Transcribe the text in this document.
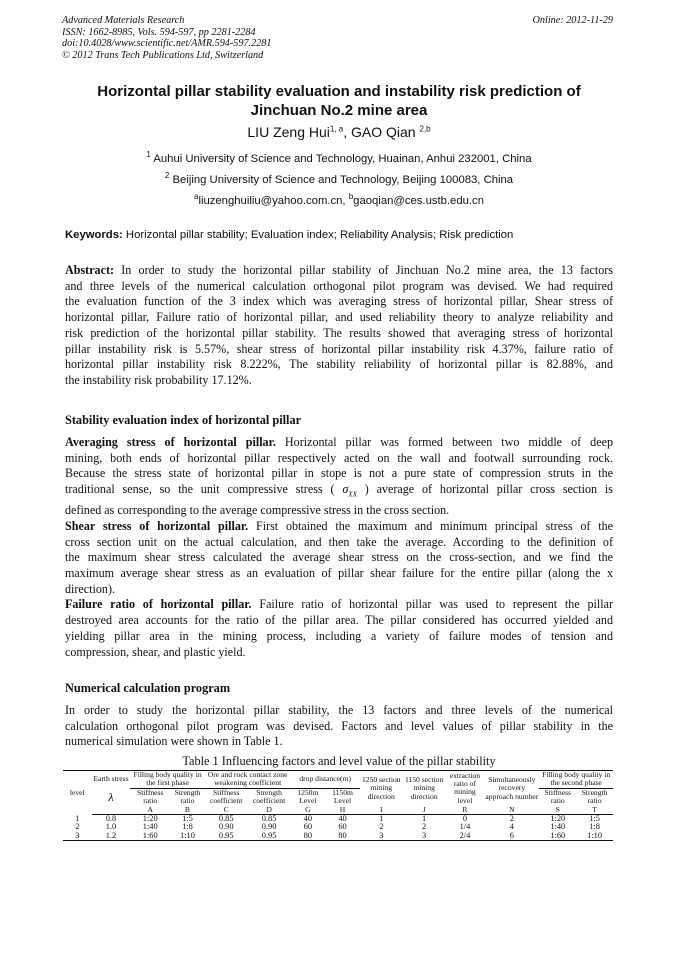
Advanced Materials Research
ISSN: 1662-8985, Vols. 594-597, pp 2281-2284
doi:10.4028/www.scientific.net/AMR.594-597.2281
© 2012 Trans Tech Publications Ltd, Switzerland
Online: 2012-11-29
Horizontal pillar stability evaluation and instability risk prediction of
Jinchuan No.2 mine area
LIU Zeng Hui$^{1, a}$, GAO Qian $^{2,b}$
$^1$ Auhui University of Science and Technology, Huainan, Anhui 232001, China
$^2$ Beijing University of Science and Technology, Beijing 100083, China
$^a$liuzenghuiliu@yahoo.com.cn, $^b$gaoqian@ces.ustb.edu.cn
Keywords: Horizontal pillar stability; Evaluation index; Reliability Analysis; Risk prediction
Abstract: In order to study the horizontal pillar stability of Jinchuan No.2 mine area, the 13 factors
and three levels of the numerical calculation orthogonal pilot program was devised. We had required
the evaluation function of the 3 index which was averaging stress of horizontal pillar, Shear stress of
horizontal pillar, Failure ratio of horizontal pillar, and used reliability theory to analyze reliability and
risk prediction of the horizontal pillar stability. The results showed that averaging stress of horizontal
pillar instability risk is 5.57%, shear stress of horizontal pillar instability risk 4.37%, failure ratio of
horizontal pillar instability risk 8.222%, The stability reliability of horizontal pillar is 82.88%, and
the instability risk probability 17.12%.
Stability evaluation index of horizontal pillar
Averaging stress of horizontal pillar. Horizontal pillar was formed between two middle of deep
mining, both ends of horizontal pillar respectively acted on the wall and footwall surrounding rock.
Because the stress state of horizontal pillar in stope is not a pure state of compression struts in the
traditional sense, so the unit compressive stress ( $\sigma_{XX}$ ) average of horizontal pillar cross section is
defined as corresponding to the average compressive stress in the cross section.
Shear stress of horizontal pillar. First obtained the maximum and minimum principal stress of the
cross section unit on the actual calculation, and then take the average. According to the definition of
the maximum shear stress calculated the average shear stress on the cross-section, and we find the
maximum average shear stress as an evaluation of pillar shear failure for the entire pillar (along the x
direction).
Failure ratio of horizontal pillar. Failure ratio of horizontal pillar was used to represent the pillar
destroyed area accounts for the ratio of the pillar area. The pillar considered has occurred yielded and
yielding pillar area in the mining process, including a variety of failure modes of tension and
compression, shear, and plastic yield.
Numerical calculation program
In order to study the horizontal pillar stability, the 13 factors and three levels of the numerical
calculation orthogonal pilot program was devised. Factors and level values of pillar stability in the
numerical simulation were shown in Table 1.
Table 1 Influencing factors and level value of the pillar stability
level	Earth stress	Filling body quality in the first phase		Ore and rock contact zone weakening coefficient		drop distance(m)		1250 section mining direction	1150 section mining direction	extraction ratio of mining level	Simultaneously recovery approach number	Filling body quality in the second phase	
	λ	Stiffness ratio	Strength ratio	Stiffness coefficient	Strength coefficient	1250m Level	1150m Level					Stiffness ratio	Strength ratio
		A	B	C	D	G	H	I	J	R	N	S	T
1	0.8	1:20	1:5	0.85	0.85	40	40	1	1	0	2	1:20	1:5
2	1.0	1:40	1:8	0.90	0.90	60	60	2	2	1/4	4	1:40	1:8
3	1.2	1:60	1:10	0.95	0.95	80	80	3	3	2/4	6	1:60	1:10
